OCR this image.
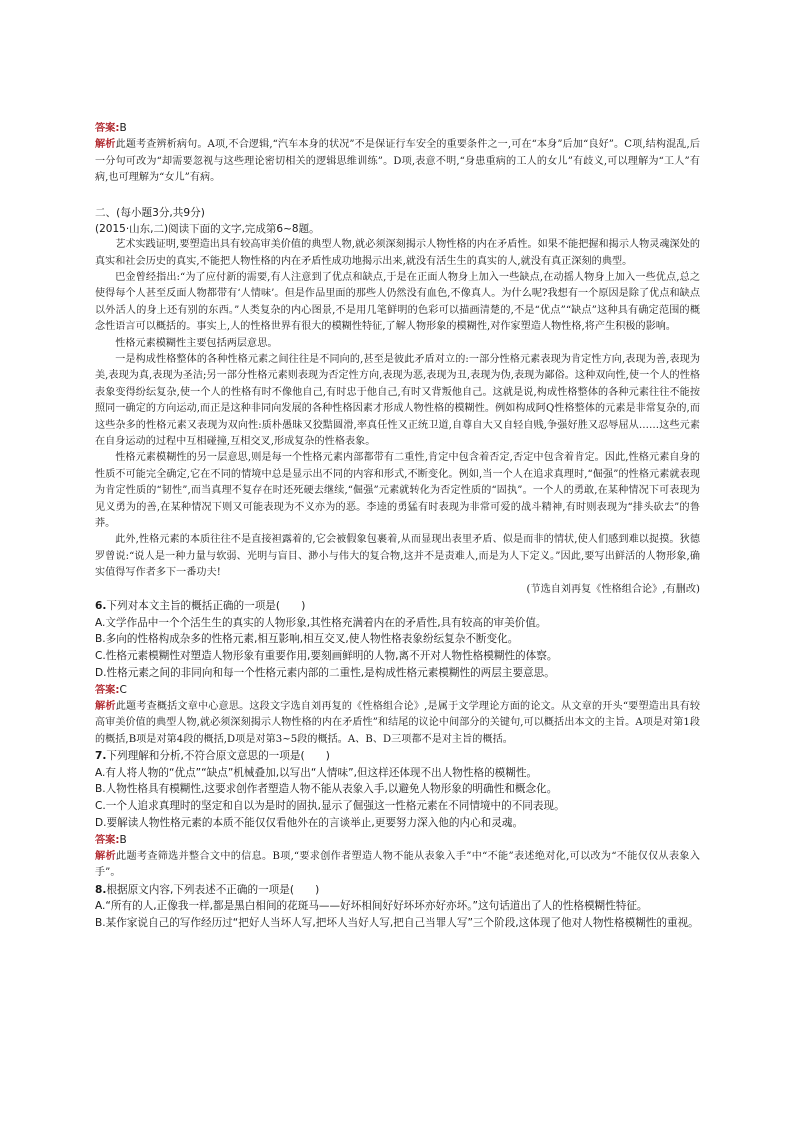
答案:B

解析此题考查辨析病句。A项,不合逻辑,“汽车本身的状况”不是保证行车安全的重要条件之一,可在“本身”后加“良好”。C项,结构混乱,后一分句可改为“却需要忽视与这些理论密切相关的逻辑思维训练”。D项,表意不明,“身患重病的工人的女儿”有歧义,可以理解为“工人”有病,也可理解为“女儿”有病。

二、(每小题3分,共9分)

(2015·山东,二)阅读下面的文字,完成第6~8题。

艺术实践证明,要塑造出具有较高审美价值的典型人物,就必须深刻揭示人物性格的内在矛盾性。如果不能把握和揭示人物灵魂深处的真实和社会历史的真实,不能把人物性格的内在矛盾性成功地揭示出来,就没有活生生的真实的人,就没有真正深刻的典型。

巴金曾经指出:“为了应付新的需要,有人注意到了优点和缺点,于是在正面人物身上加入一些缺点,在动摇人物身上加入一些优点,总之使得每个人甚至反面人物都带有‘人情味’。但是作品里面的那些人仍然没有血色,不像真人。为什么呢?我想有一个原因是除了优点和缺点以外活人的身上还有别的东西。”人类复杂的内心图景,不是用几笔鲜明的色彩可以描画清楚的,不是“优点”“缺点”这种具有确定范围的概念性语言可以概括的。事实上,人的性格世界有很大的模糊性特征,了解人物形象的模糊性,对作家塑造人物性格,将产生积极的影响。

性格元素模糊性主要包括两层意思。

一是构成性格整体的各种性格元素之间往往是不同向的,甚至是彼此矛盾对立的:一部分性格元素表现为肯定性方向,表现为善,表现为美,表现为真,表现为圣洁;另一部分性格元素则表现为否定性方向,表现为恶,表现为丑,表现为伪,表现为鄙俗。这种双向性,使一个人的性格表象变得纷纭复杂,使一个人的性格有时不像他自己,有时忠于他自己,有时又背叛他自己。这就是说,构成性格整体的各种元素往往不能按照同一确定的方向运动,而正是这种非同向发展的各种性格因素才形成人物性格的模糊性。例如构成阿Q性格整体的元素是非常复杂的,而这些杂多的性格元素又表现为双向性:质朴愚昧又狡黠圆滑,率真任性又正统卫道,自尊自大又自轻自贱,争强好胜又忍辱屈从……这些元素在自身运动的过程中互相碰撞,互相交叉,形成复杂的性格表象。

性格元素模糊性的另一层意思,则是每一个性格元素内部都带有二重性,肯定中包含着否定,否定中包含着肯定。因此,性格元素自身的性质不可能完全确定,它在不同的情境中总是显示出不同的内容和形式,不断变化。例如,当一个人在追求真理时,“倔强”的性格元素就表现为肯定性质的“韧性”,而当真理不复存在时还死硬去继续,“倔强”元素就转化为否定性质的“固执”。一个人的勇敢,在某种情况下可表现为见义勇为的善,在某种情况下则又可能表现为不义亦为的恶。李逵的勇猛有时表现为非常可爱的战斗精神,有时则表现为“排头砍去”的鲁莽。

此外,性格元素的本质往往不是直接袒露着的,它会被假象包裹着,从而显现出表里矛盾、似是而非的情状,使人们感到难以捉摸。狄德罗曾说:“说人是一种力量与软弱、光明与盲目、渺小与伟大的复合物,这并不是责难人,而是为人下定义。”因此,要写出鲜活的人物形象,确实值得写作者多下一番功夫!

(节选自刘再复《性格组合论》,有删改)

6.下列对本文主旨的概括正确的一项是(　　)

A.文学作品中一个个活生生的真实的人物形象,其性格充满着内在的矛盾性,具有较高的审美价值。

B.多向的性格构成杂多的性格元素,相互影响,相互交叉,使人物性格表象纷纭复杂不断变化。

C.性格元素模糊性对塑造人物形象有重要作用,要刻画鲜明的人物,离不开对人物性格模糊性的体察。

D.性格元素之间的非同向和每一个性格元素内部的二重性,是构成性格元素模糊性的两层主要意思。

答案:C

解析此题考查概括文章中心意思。这段文字选自刘再复的《性格组合论》,是属于文学理论方面的论文。从文章的开头“要塑造出具有较高审美价值的典型人物,就必须深刻揭示人物性格的内在矛盾性”和结尾的议论中间部分的关键句,可以概括出本文的主旨。A项是对第1段的概括,B项是对第4段的概括,D项是对第3~5段的概括。A、B、D三项都不是对主旨的概括。

7.下列理解和分析,不符合原文意思的一项是(　　)

A.有人将人物的“优点”“缺点”机械叠加,以写出“人情味”,但这样还体现不出人物性格的模糊性。

B.人物性格具有模糊性,这要求创作者塑造人物不能从表象入手,以避免人物形象的明确性和概念化。

C.一个人追求真理时的坚定和自以为是时的固执,显示了倔强这一性格元素在不同情境中的不同表现。

D.要解读人物性格元素的本质不能仅仅看他外在的言谈举止,更要努力深入他的内心和灵魂。

答案:B

解析此题考查筛选并整合文中的信息。B项,“要求创作者塑造人物不能从表象入手”中“不能”表述绝对化,可以改为“不能仅仅从表象入手”。

8.根据原文内容,下列表述不正确的一项是(　　)

A.“所有的人,正像我一样,都是黑白相间的花斑马——好坏相间好好坏坏亦好亦坏。”这句话道出了人的性格模糊性特征。

B.某作家说自己的写作经历过“把好人当坏人写,把坏人当好人写,把自己当罪人写”三个阶段,这体现了他对人物性格模糊性的重视。
